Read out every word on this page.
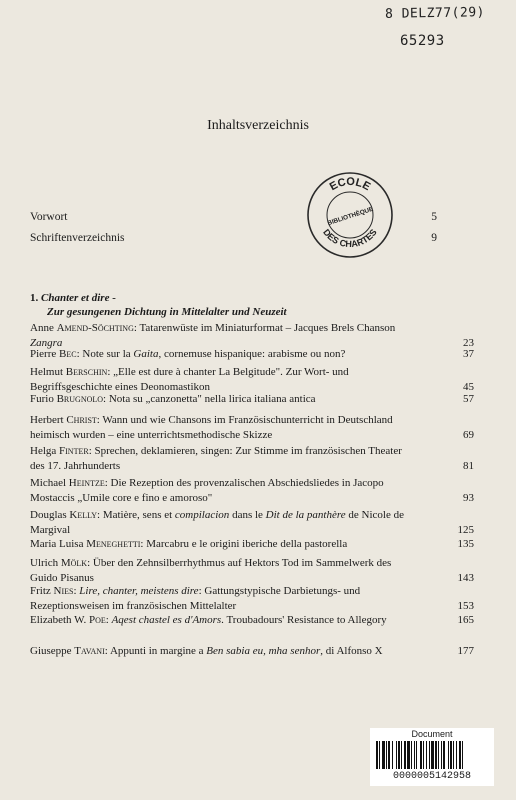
8 DELZ77(29)
65293
Inhaltsverzeichnis
ECOLE
BIBLIOTHÈQUE
DES CHARTES
Vorwort	5
Schriftenverzeichnis	9
1. Chanter et dire -
Zur gesungenen Dichtung in Mittelalter und Neuzeit
Anne Amend-Söchting: Tatarenwüste im Miniaturformat – Jacques Brels Chanson Zangra	23
Pierre Bec: Note sur la Gaita, cornemuse hispanique: arabisme ou non?	37
Helmut Berschin: „Elle est dure à chanter La Belgitude". Zur Wort- und Begriffsgeschichte eines Deonomastikon	45
Furio Brugnolo: Nota su „canzonetta" nella lirica italiana antica	57
Herbert Christ: Wann und wie Chansons im Französischunterricht in Deutschland heimisch wurden – eine unterrichtsmethodische Skizze	69
Helga Finter: Sprechen, deklamieren, singen: Zur Stimme im französischen Theater des 17. Jahrhunderts	81
Michael Heintze: Die Rezeption des provenzalischen Abschiedsliedes in Jacopo Mostaccis „Umile core e fino e amoroso"	93
Douglas Kelly: Matière, sens et compilacion dans le Dit de la panthère de Nicole de Margival	125
Maria Luisa Meneghetti: Marcabru e le origini iberiche della pastorella	135
Ulrich Mölk: Über den Zehnsilberrhythmus auf Hektors Tod im Sammelwerk des Guido Pisanus	143
Fritz Nies: Lire, chanter, meistens dire: Gattungstypische Darbietungs- und Rezeptionsweisen im französischen Mittelalter	153
Elizabeth W. Poe: Aqest chastel es d'Amors. Troubadours' Resistance to Allegory	165
Giuseppe Tavani: Appunti in margine a Ben sabia eu, mha senhor, di Alfonso X	177
Document
0000005142958
